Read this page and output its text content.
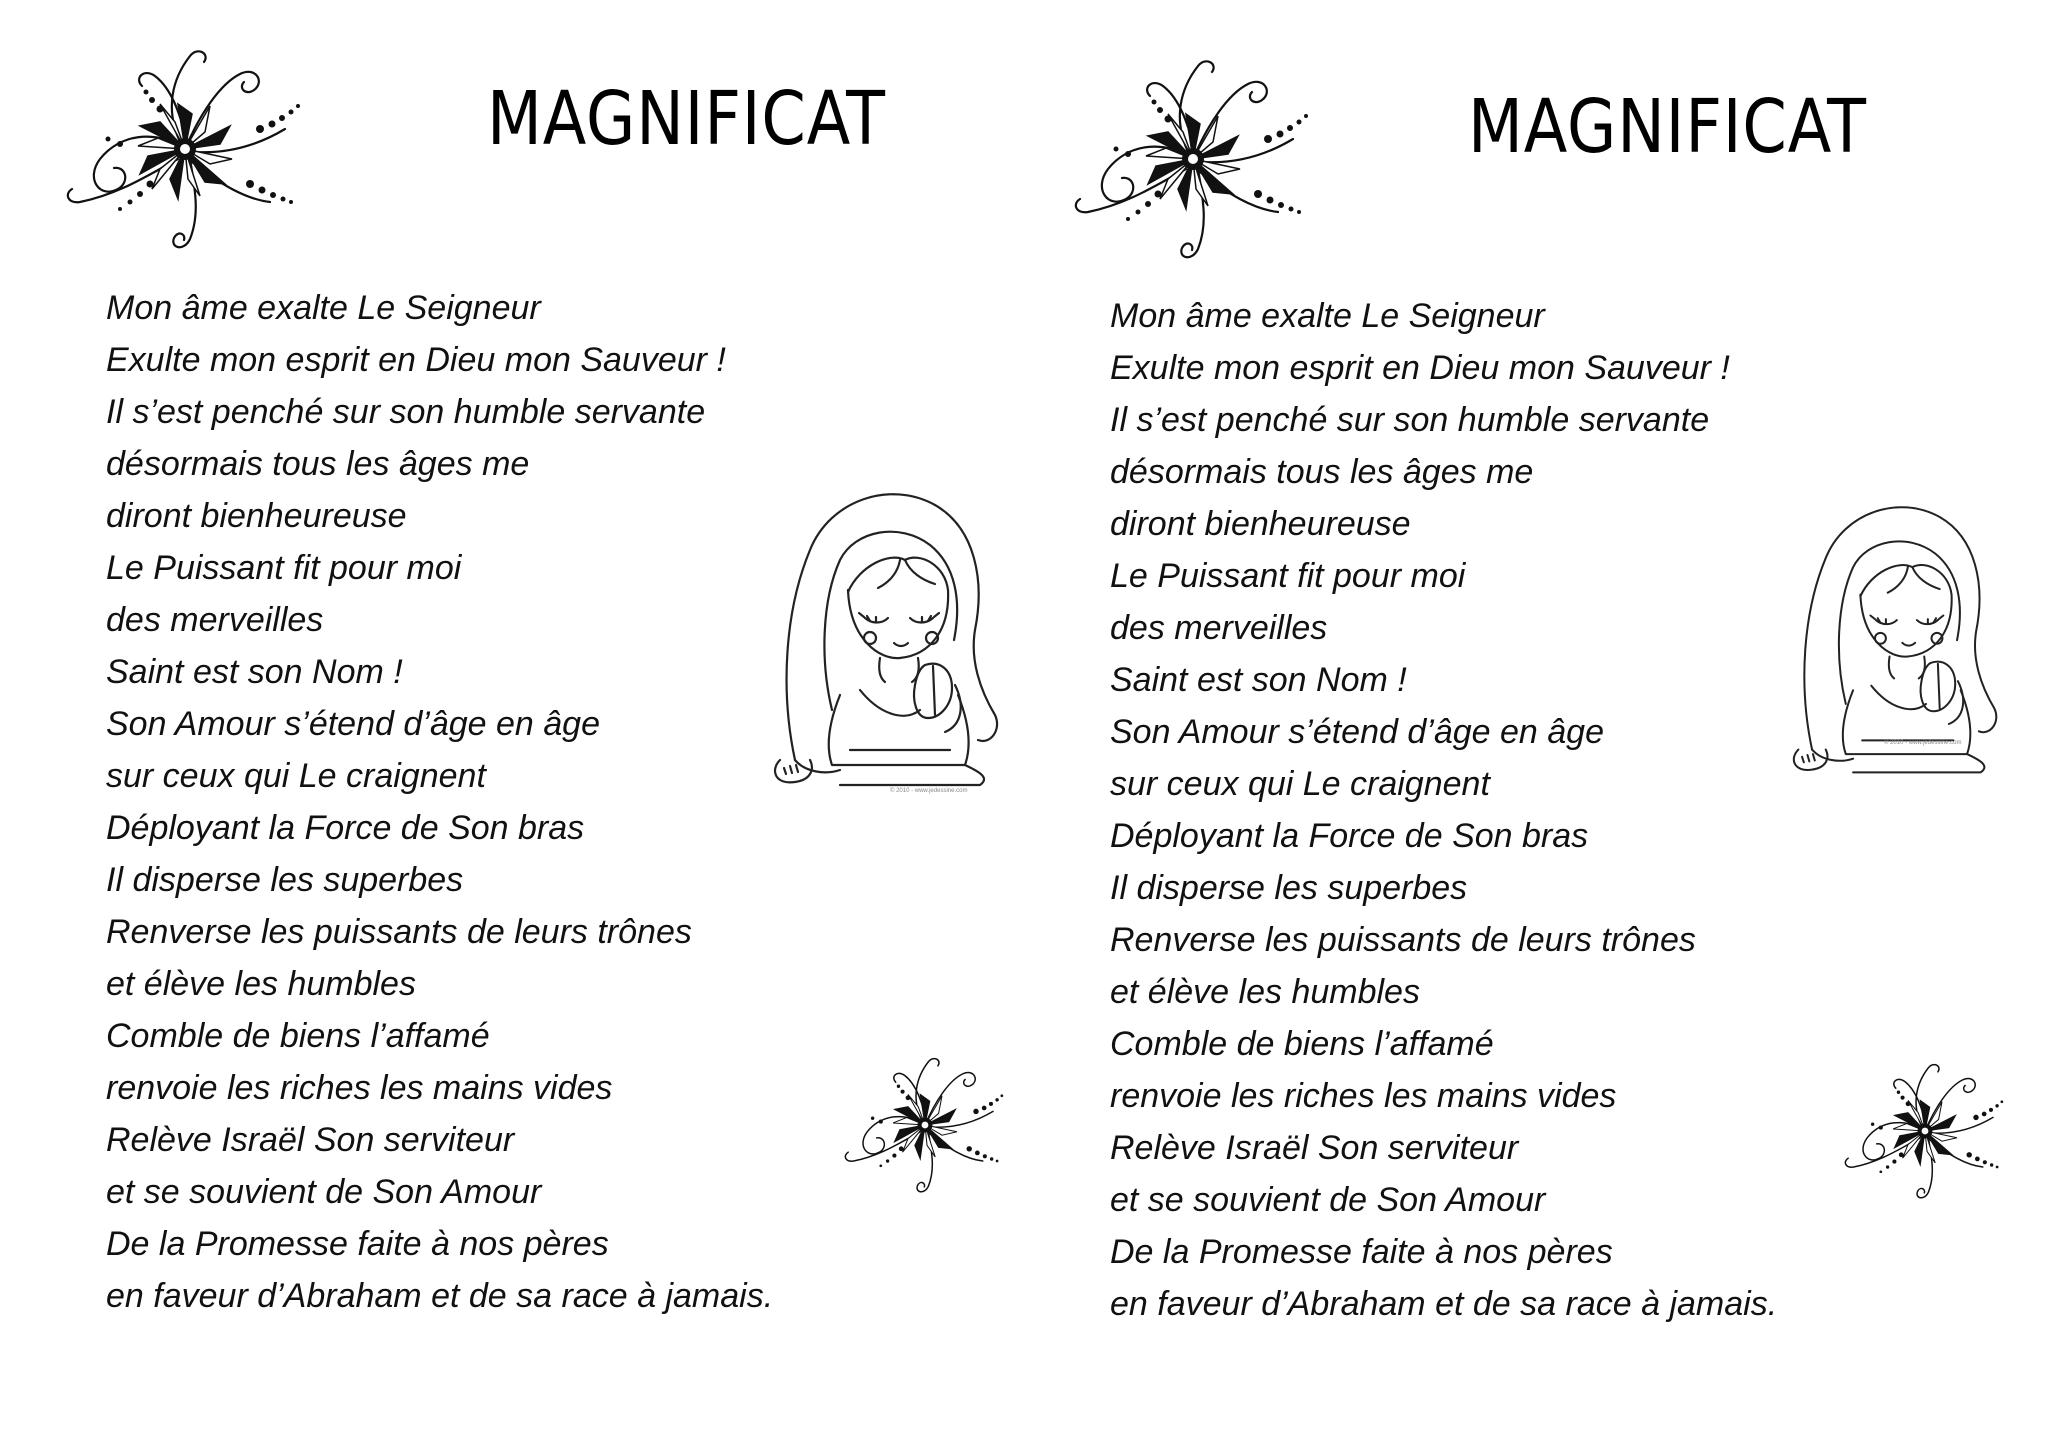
MAGNIFICAT
Mon âme exalte Le Seigneur
Exulte mon esprit en Dieu mon Sauveur !
Il s’est penché sur son humble servante
désormais tous les âges me
diront bienheureuse
Le Puissant fit pour moi
des merveilles
Saint est son Nom !
Son Amour s’étend d’âge en âge
sur ceux qui Le craignent
Déployant la Force de Son bras
Il disperse les superbes
Renverse les puissants de leurs trônes
et élève les humbles
Comble de biens l’affamé
renvoie les riches les mains vides
Relève Israël Son serviteur
et se souvient de Son Amour
De la Promesse faite à nos pères
en faveur d’Abraham et de sa race à jamais.
© 2010 - www.jedessine.com
MAGNIFICAT
Mon âme exalte Le Seigneur
Exulte mon esprit en Dieu mon Sauveur !
Il s’est penché sur son humble servante
désormais tous les âges me
diront bienheureuse
Le Puissant fit pour moi
des merveilles
Saint est son Nom !
Son Amour s’étend d’âge en âge
sur ceux qui Le craignent
Déployant la Force de Son bras
Il disperse les superbes
Renverse les puissants de leurs trônes
et élève les humbles
Comble de biens l’affamé
renvoie les riches les mains vides
Relève Israël Son serviteur
et se souvient de Son Amour
De la Promesse faite à nos pères
en faveur d’Abraham et de sa race à jamais.
© 2010 - www.jedessine.com
